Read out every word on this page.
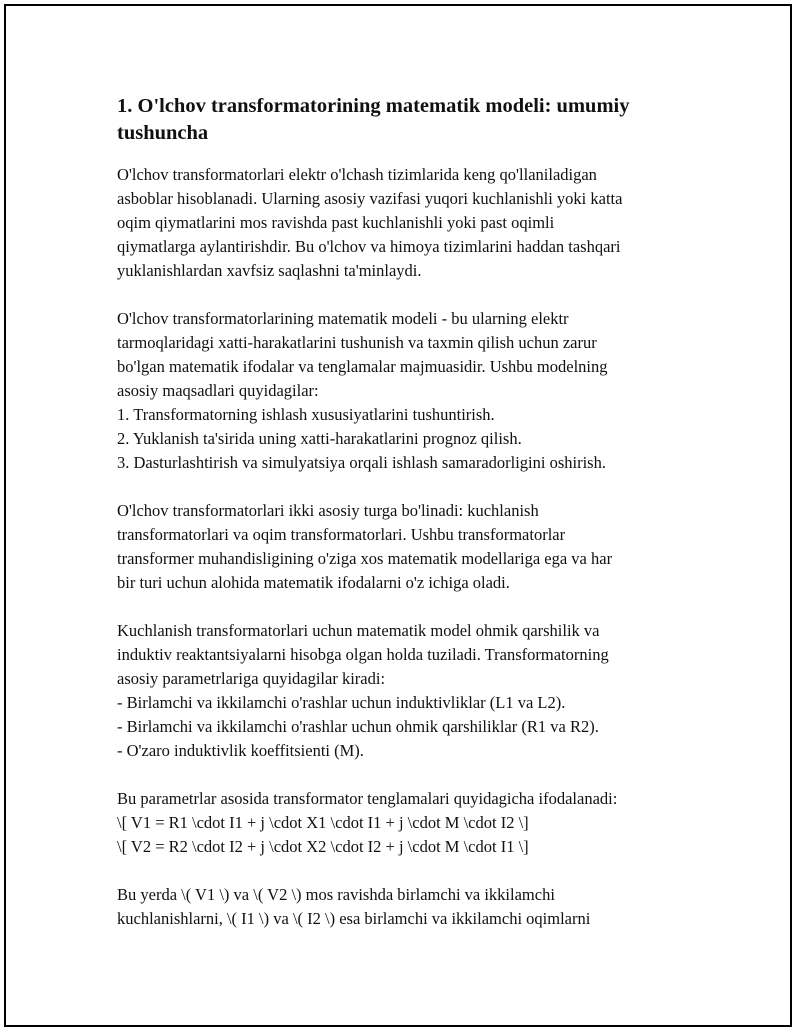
1. O'lchov transformatorining matematik modeli: umumiy tushuncha

O'lchov transformatorlari elektr o'lchash tizimlarida keng qo'llaniladigan
asboblar hisoblanadi. Ularning asosiy vazifasi yuqori kuchlanishli yoki katta
oqim qiymatlarini mos ravishda past kuchlanishli yoki past oqimli
qiymatlarga aylantirishdir. Bu o'lchov va himoya tizimlarini haddan tashqari
yuklanishlardan xavfsiz saqlashni ta'minlaydi.

O'lchov transformatorlarining matematik modeli - bu ularning elektr
tarmoqlaridagi xatti-harakatlarini tushunish va taxmin qilish uchun zarur
bo'lgan matematik ifodalar va tenglamalar majmuasidir. Ushbu modelning
asosiy maqsadlari quyidagilar:
1. Transformatorning ishlash xususiyatlarini tushuntirish.
2. Yuklanish ta'sirida uning xatti-harakatlarini prognoz qilish.
3. Dasturlashtirish va simulyatsiya orqali ishlash samaradorligini oshirish.

O'lchov transformatorlari ikki asosiy turga bo'linadi: kuchlanish
transformatorlari va oqim transformatorlari. Ushbu transformatorlar
transformer muhandisligining o'ziga xos matematik modellariga ega va har
bir turi uchun alohida matematik ifodalarni o'z ichiga oladi.

Kuchlanish transformatorlari uchun matematik model ohmik qarshilik va
induktiv reaktantsiyalarni hisobga olgan holda tuziladi. Transformatorning
asosiy parametrlariga quyidagilar kiradi:
- Birlamchi va ikkilamchi o'rashlar uchun induktivliklar (L1 va L2).
- Birlamchi va ikkilamchi o'rashlar uchun ohmik qarshiliklar (R1 va R2).
- O'zaro induktivlik koeffitsienti (M).

Bu parametrlar asosida transformator tenglamalari quyidagicha ifodalanadi:
\[ V1 = R1 \cdot I1 + j \cdot X1 \cdot I1 + j \cdot M \cdot I2 \]
\[ V2 = R2 \cdot I2 + j \cdot X2 \cdot I2 + j \cdot M \cdot I1 \]

Bu yerda \( V1 \) va \( V2 \) mos ravishda birlamchi va ikkilamchi
kuchlanishlarni, \( I1 \) va \( I2 \) esa birlamchi va ikkilamchi oqimlarni
